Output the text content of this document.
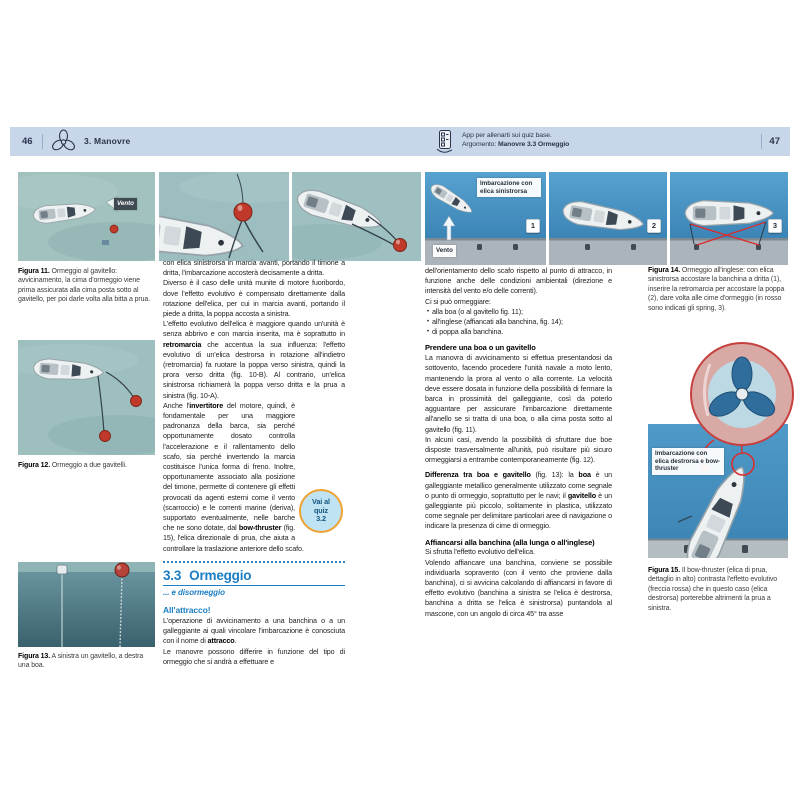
46	3. Manovre
App per allenarti sui quiz base.
Argomento: Manovre 3.3 Ormeggio	47
Vento

Figura 11. Ormeggio al gavitello: avvicinamento, la cima d'ormeggio viene prima assicurata alla cima posta sotto al gavitello, per poi darle volta alla bitta a prua.

Figura 12. Ormeggio a due gavitelli.

Figura 13. A sinistra un gavitello, a destra una boa.

con elica sinistrorsa in marcia avanti, portando il timone a dritta, l'imbarcazione accosterà decisamente a dritta.

Diverso è il caso delle unità munite di motore fuoribordo, dove l'effetto evolutivo è compensato direttamente dalla rotazione dell'elica, per cui in marcia avanti, portando il piede a dritta, la poppa accosta a sinistra.

L'effetto evolutivo dell'elica è maggiore quando un'unità è senza abbrivo e con marcia inserita, ma è soprattutto in retromarcia che accentua la sua influenza: l'effetto evolutivo di un'elica destrorsa in rotazione all'indietro (retromarcia) fa ruotare la poppa verso sinistra, quindi la prora verso dritta (fig. 10-B). Al contrario, un'elica sinistrorsa richiamerà la poppa verso dritta e la prua a sinistra (fig. 10-A).

Vai al
quiz
3.2
Anche l'invertitore del motore, quindi, è fondamentale per una maggiore padronanza della barca, sia perché opportunamente dosato controlla l'accelerazione e il rallentamento dello scafo, sia perché invertendo la marcia costituisce l'unica forma di freno. Inoltre, opportunamente associato alla posizione del timone, permette di contenere gli effetti provocati da agenti esterni come il vento (scarroccio) e le correnti marine (deriva), supportato eventualmente, nelle barche che ne sono dotate, dal bow-thruster (fig. 15), l'elica direzionale di prua, che aiuta a controllare la traslazione anteriore dello scafo.

3.3 Ormeggio
... e disormeggio
All'attracco!

L'operazione di avvicinamento a una banchina o a un galleggiante ai quali vincolare l'imbarcazione è conosciuta con il nome di attracco.

Le manovre possono differire in funzione del tipo di ormeggio che si andrà a effettuare e

Imbarcazione con elica sinistrorsa
Vento
1	2	3

dell'orientamento dello scafo rispetto al punto di attracco, in funzione anche delle condizioni ambientali (direzione e intensità del vento e/o delle correnti).

Ci si può ormeggiare:

• alla boa (o al gavitello fig. 11);
• all'inglese (affiancati alla banchina, fig. 14);
• di poppa alla banchina.
Prendere una boa o un gavitello

La manovra di avvicinamento si effettua presentandosi da sottovento, facendo procedere l'unità navale a moto lento, mantenendo la prora al vento o alla corrente. La velocità deve essere dosata in funzione della possibilità di fermare la barca in prossimità del galleggiante, così da poterlo agguantare per assicurare l'imbarcazione direttamente all'anello se si tratta di una boa, o alla cima posta sotto al gavitello (fig. 11).

In alcuni casi, avendo la possibilità di sfruttare due boe disposte trasversalmente all'unità, può risultare più sicuro ormeggiarsi a entrambe contemporaneamente (fig. 12).

Differenza tra boa e gavitello (fig. 13): la boa è un galleggiante metallico generalmente utilizzato come segnale o punto di ormeggio, soprattutto per le navi; il gavitello è un galleggiante più piccolo, solitamente in plastica, utilizzato come segnale per delimitare particolari aree di navigazione o indicare la presenza di cime di ormeggio.

Affiancarsi alla banchina (alla lunga o all'inglese)

Si sfrutta l'effetto evolutivo dell'elica.

Volendo affiancare una banchina, conviene se possibile individuarla sopravento (con il vento che proviene dalla banchina), ci si avvicina calcolando di affiancarsi in favore di effetto evolutivo (banchina a sinistra se l'elica è destrorsa, banchina a dritta se l'elica è sinistrorsa) puntandola al mascone, con un angolo di circa 45° tra asse

Figura 14. Ormeggio all'inglese: con elica sinistrorsa accostare la banchina a dritta (1), inserire la retromarcia per accostare la poppa (2), dare volta alle cime d'ormeggio (in rosso sono indicati gli spring, 3).

Imbarcazione con elica destrorsa e bow-thruster

Figura 15. Il bow-thruster (elica di prua, dettaglio in alto) contrasta l'effetto evolutivo (freccia rossa) che in questo caso (elica destrorsa) porterebbe altrimenti la prua a sinistra.
